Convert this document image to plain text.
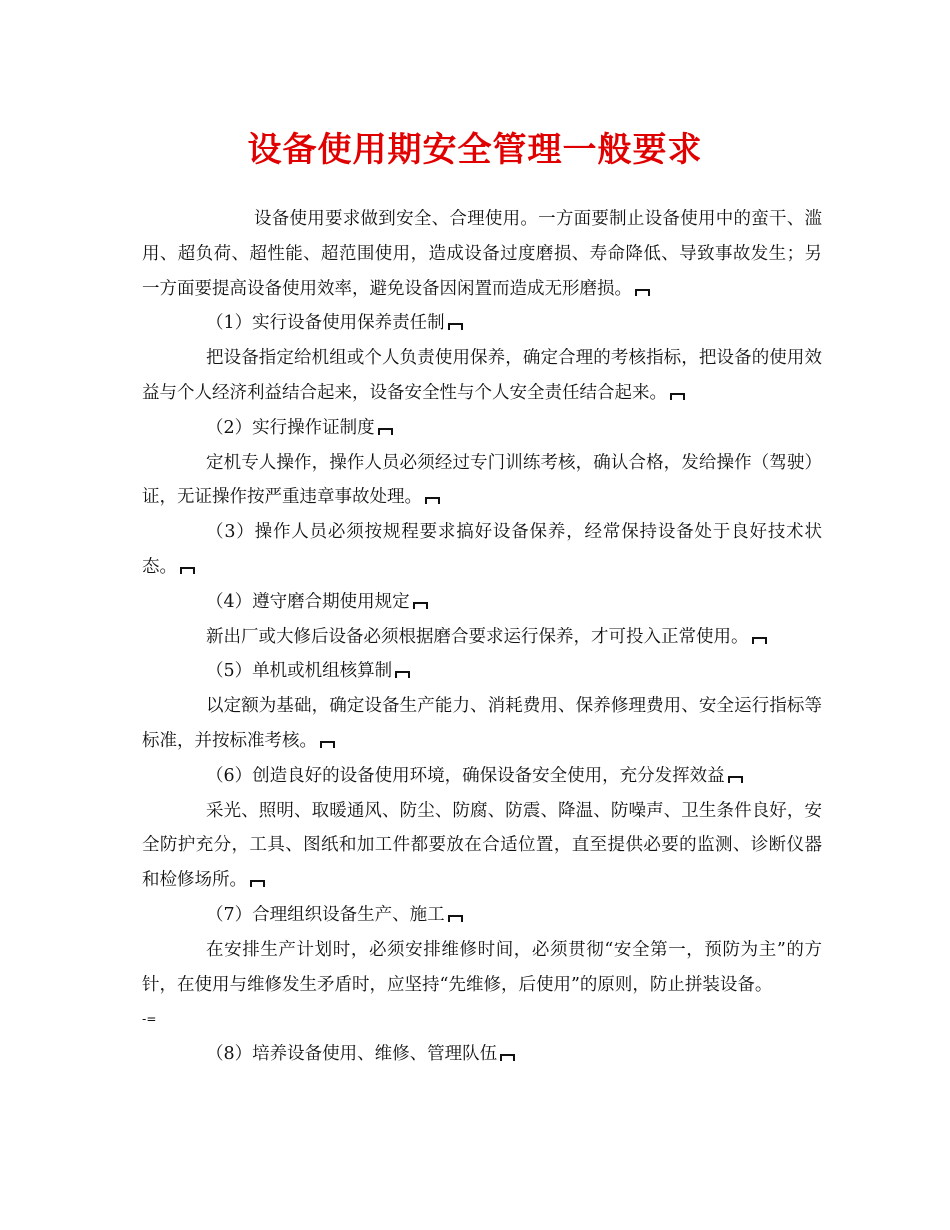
设备使用期安全管理一般要求

设备使用要求做到安全、合理使用。一方面要制止设备使用中的蛮干、滥用、超负荷、超性能、超范围使用，造成设备过度磨损、寿命降低、导致事故发生；另一方面要提高设备使用效率，避免设备因闲置而造成无形磨损。

（1）实行设备使用保养责任制

把设备指定给机组或个人负责使用保养，确定合理的考核指标，把设备的使用效益与个人经济利益结合起来，设备安全性与个人安全责任结合起来。

（2）实行操作证制度

定机专人操作，操作人员必须经过专门训练考核，确认合格，发给操作（驾驶）证，无证操作按严重违章事故处理。

（3）操作人员必须按规程要求搞好设备保养，经常保持设备处于良好技术状态。

（4）遵守磨合期使用规定

新出厂或大修后设备必须根据磨合要求运行保养，才可投入正常使用。

（5）单机或机组核算制

以定额为基础，确定设备生产能力、消耗费用、保养修理费用、安全运行指标等标准，并按标准考核。

（6）创造良好的设备使用环境，确保设备安全使用，充分发挥效益

采光、照明、取暖通风、防尘、防腐、防震、降温、防噪声、卫生条件良好，安全防护充分，工具、图纸和加工件都要放在合适位置，直至提供必要的监测、诊断仪器和检修场所。

（7）合理组织设备生产、施工

在安排生产计划时，必须安排维修时间，必须贯彻“安全第一，预防为主”的方针，在使用与维修发生矛盾时，应坚持“先维修，后使用”的原则，防止拼装设备。

-=

（8）培养设备使用、维修、管理队伍
